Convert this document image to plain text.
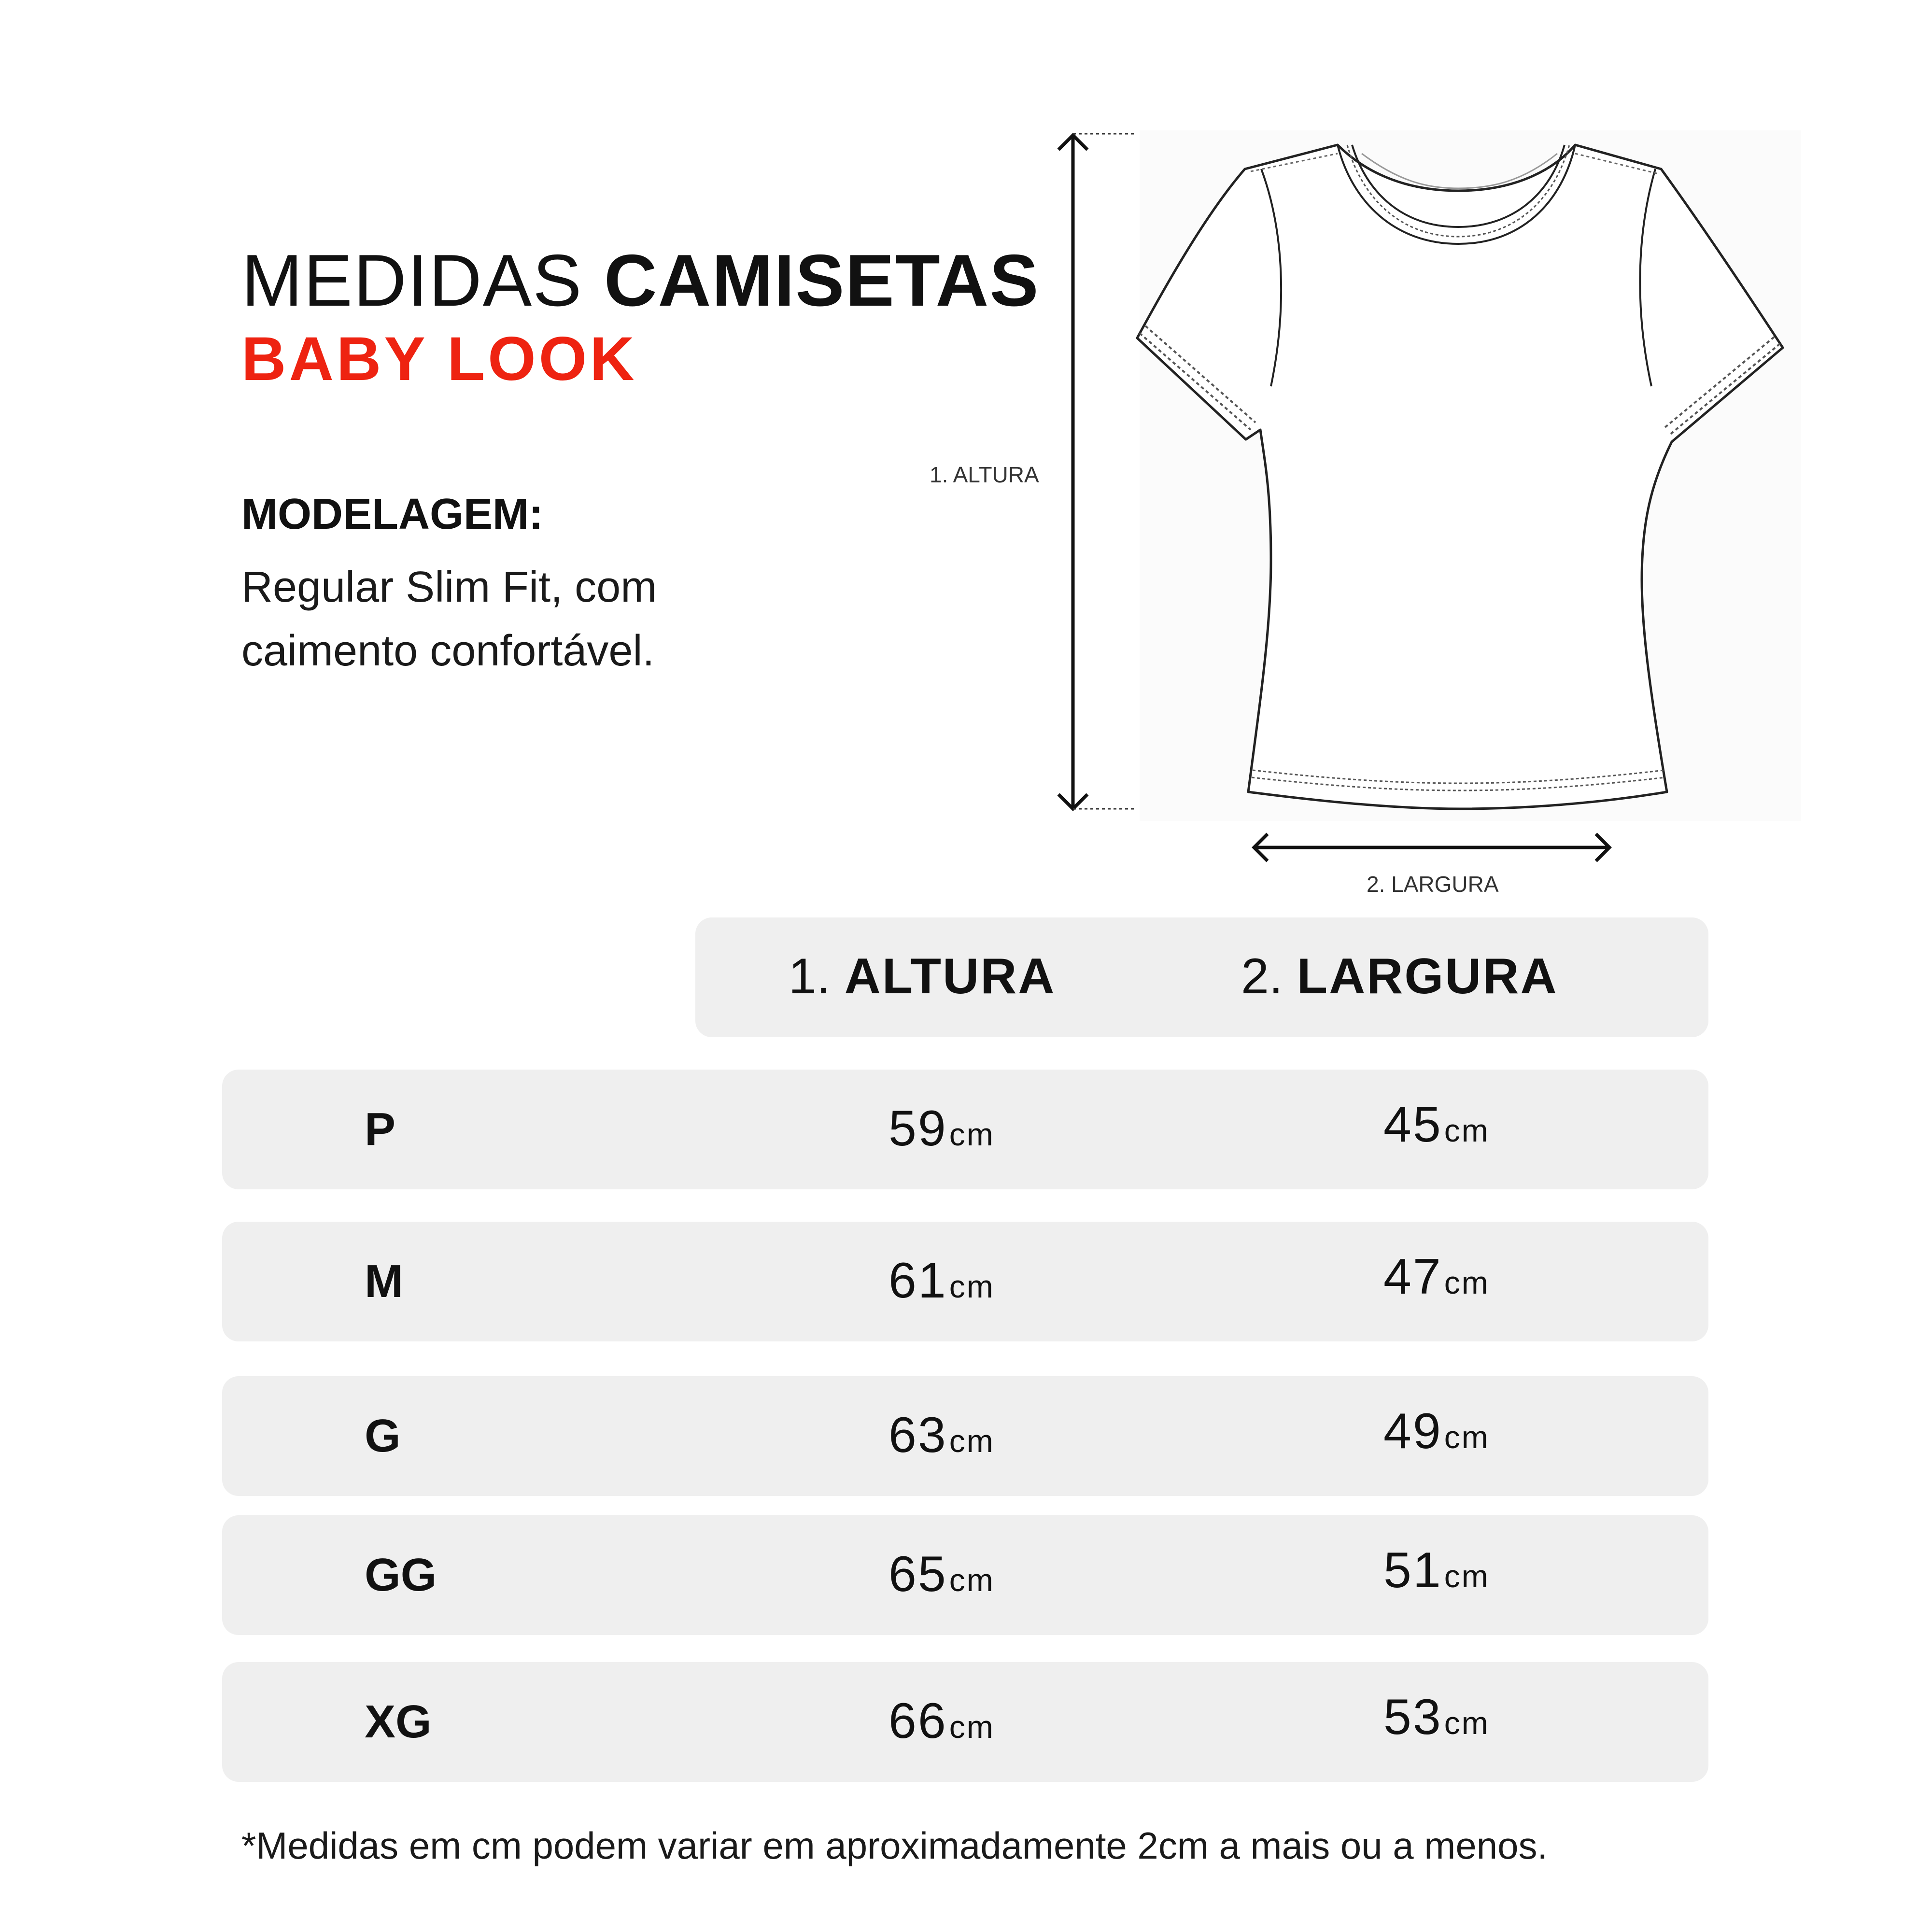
MEDIDAS CAMISETAS
BABY LOOK
MODELAGEM:
Regular Slim Fit, com
caimento confortável.
1. ALTURA
2. LARGURA
1. ALTURA	2. LARGURA
P	59cm	45cm
M	61cm	47cm
G	63cm	49cm
GG	65cm	51cm
XG	66cm	53cm
*Medidas em cm podem variar em aproximadamente 2cm a mais ou a menos.
